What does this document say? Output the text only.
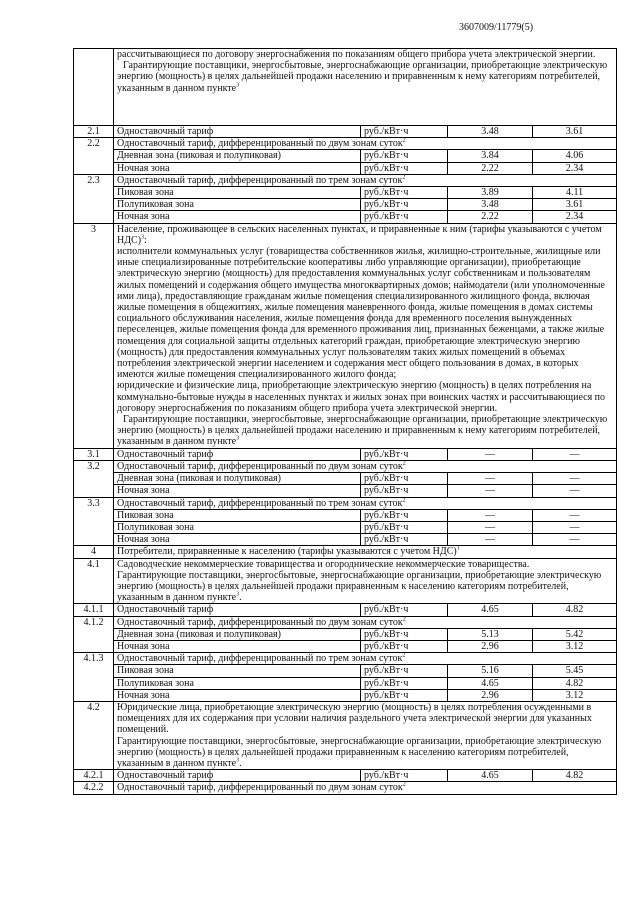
3607009/11779(5)

	рассчитывающиеся по договору энергоснабжения по показаниям общего прибора учета электрической энергии.

Гарантирующие поставщики, энергосбытовые, энергоснабжающие организации, приобретающие электрическую энергию (мощность) в целях дальнейшей продажи населению и приравненным к нему категориям потребителей, указанным в данном пункте$^3$

2.1	Одноставочный тариф	руб./кВт·ч	3.48	3.61
2.2	Одноставочный тариф, дифференцированный по двум зонам суток$^2$
	Дневная зона (пиковая и полупиковая)	руб./кВт·ч	3.84	4.06
	Ночная зона	руб./кВт·ч	2.22	2.34
2.3	Одноставочный тариф, дифференцированный по трем зонам суток$^2$
	Пиковая зона	руб./кВт·ч	3.89	4.11
	Полупиковая зона	руб./кВт·ч	3.48	3.61
	Ночная зона	руб./кВт·ч	2.22	2.34
3	Население, проживающее в сельских населенных пунктах, и приравненные к ним (тарифы указываются с учетом НДС)$^3$:

исполнители коммунальных услуг (товарищества собственников жилья, жилищно-строительные, жилищные или иные специализированные потребительские кооперативы либо управляющие организации), приобретающие электрическую энергию (мощность) для предоставления коммунальных услуг собственникам и пользователям жилых помещений и содержания общего имущества многоквартирных домов; наймодатели (или уполномоченные ими лица), предоставляющие гражданам жилые помещения специализированного жилищного фонда, включая жилые помещения в общежитиях, жилые помещения маневренного фонда, жилые помещения в домах системы социального обслуживания населения, жилые помещения фонда для временного поселения вынужденных переселенцев, жилые помещения фонда для временного проживания лиц, признанных беженцами, а также жилые помещения для социальной защиты отдельных категорий граждан, приобретающие электрическую энергию (мощность) для предоставления коммунальных услуг пользователям таких жилых помещений в объемах потребления электрической энергии населением и содержания мест общего пользования в домах, в которых имеются жилые помещения специализированного жилого фонда;

юридические и физические лица, приобретающие электрическую энергию (мощность) в целях потребления на коммунально-бытовые нужды в населенных пунктах и жилых зонах при воинских частях и рассчитывающиеся по договору энергоснабжения по показаниям общего прибора учета электрической энергии.

Гарантирующие поставщики, энергосбытовые, энергоснабжающие организации, приобретающие электрическую энергию (мощность) в целях дальнейшей продажи населению и приравненным к нему категориям потребителей, указанным в данном пункте$^3$

3.1	Одноставочный тариф	руб./кВт·ч	—	—
3.2	Одноставочный тариф, дифференцированный по двум зонам суток$^2$
	Дневная зона (пиковая и полупиковая)	руб./кВт·ч	—	—
	Ночная зона	руб./кВт·ч	—	—
3.3	Одноставочный тариф, дифференцированный по трем зонам суток$^2$
	Пиковая зона	руб./кВт·ч	—	—
	Полупиковая зона	руб./кВт·ч	—	—
	Ночная зона	руб./кВт·ч	—	—
4	Потребители, приравненные к населению (тарифы указываются с учетом НДС)$^1$
4.1	Садоводческие некоммерческие товарищества и огороднические некоммерческие товарищества.

Гарантирующие поставщики, энергосбытовые, энергоснабжающие организации, приобретающие электрическую энергию (мощность) в целях дальнейшей продажи приравненным к населению категориям потребителей, указанным в данном пункте$^3$.			

4.1.1	Одноставочный тариф	руб./кВт·ч	4.65	4.82
4.1.2	Одноставочный тариф, дифференцированный по двум зонам суток$^2$
	Дневная зона (пиковая и полупиковая)	руб./кВт·ч	5.13	5.42
	Ночная зона	руб./кВт·ч	2.96	3.12
4.1.3	Одноставочный тариф, дифференцированный по трем зонам суток$^2$
	Пиковая зона	руб./кВт·ч	5.16	5.45
	Полупиковая зона	руб./кВт·ч	4.65	4.82
	Ночная зона	руб./кВт·ч	2.96	3.12
4.2	Юридические лица, приобретающие электрическую энергию (мощность) в целях потребления осужденными в помещениях для их содержания при условии наличия раздельного учета электрической энергии для указанных помещений.

Гарантирующие поставщики, энергосбытовые, энергоснабжающие организации, приобретающие электрическую энергию (мощность) в целях дальнейшей продажи приравненным к населению категориям потребителей, указанным в данном пункте$^3$.			

4.2.1	Одноставочный тариф	руб./кВт·ч	4.65	4.82
4.2.2	Одноставочный тариф, дифференцированный по двум зонам суток$^2$
